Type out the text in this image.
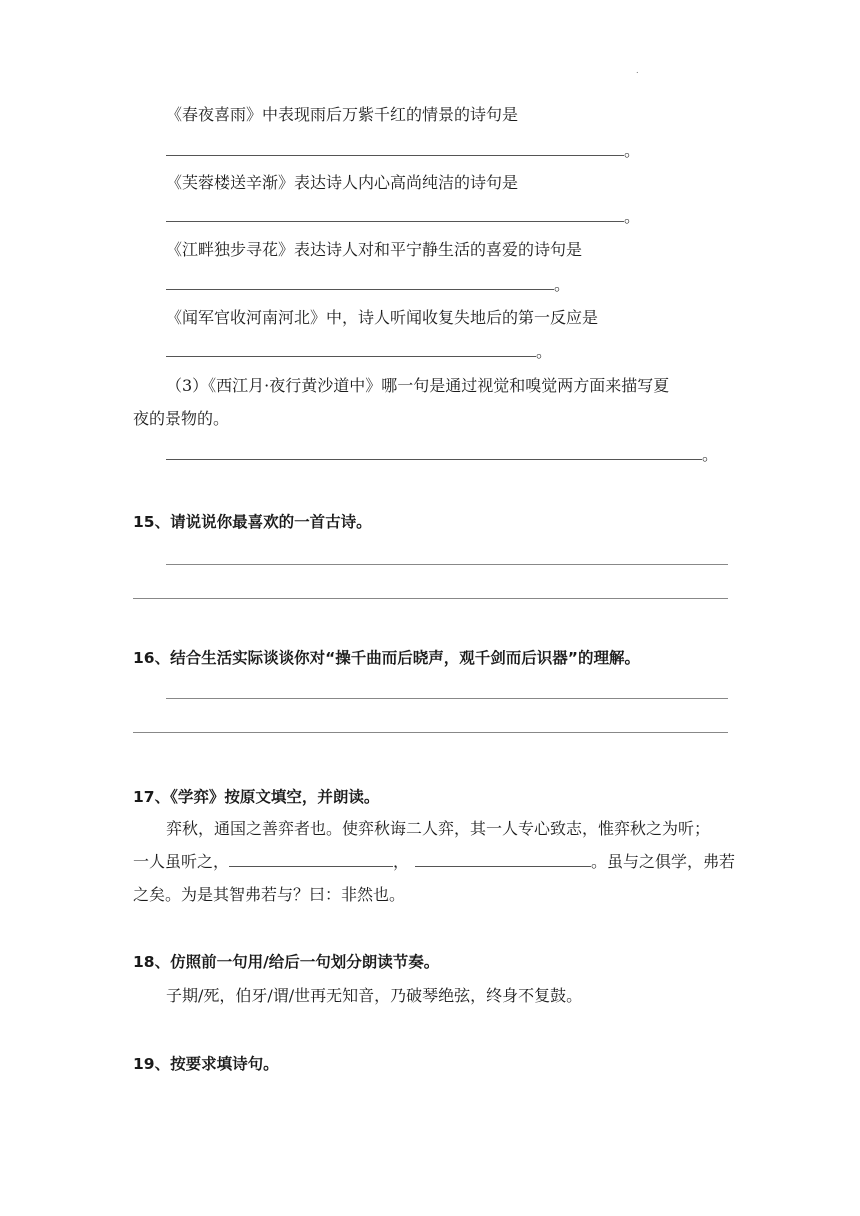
.
《春夜喜雨》中表现雨后万紫千红的情景的诗句是
。
《芙蓉楼送辛渐》表达诗人内心高尚纯洁的诗句是
。
《江畔独步寻花》表达诗人对和平宁静生活的喜爱的诗句是
。
《闻军官收河南河北》中，诗人听闻收复失地后的第一反应是
。
（3）《西江月·夜行黄沙道中》哪一句是通过视觉和嗅觉两方面来描写夏
夜的景物的。
。
15、请说说你最喜欢的一首古诗。
16、结合生活实际谈谈你对“操千曲而后晓声，观千剑而后识器”的理解。
17、《学弈》按原文填空，并朗读。
弈秋，通国之善弈者也。使弈秋诲二人弈，其一人专心致志，惟弈秋之为听；
一人虽听之，	，	。虽与之俱学，弗若
之矣。为是其智弗若与？曰：非然也。
18、仿照前一句用/给后一句划分朗读节奏。
子期/死，伯牙/谓/世再无知音，乃破琴绝弦，终身不复鼓。
19、按要求填诗句。
